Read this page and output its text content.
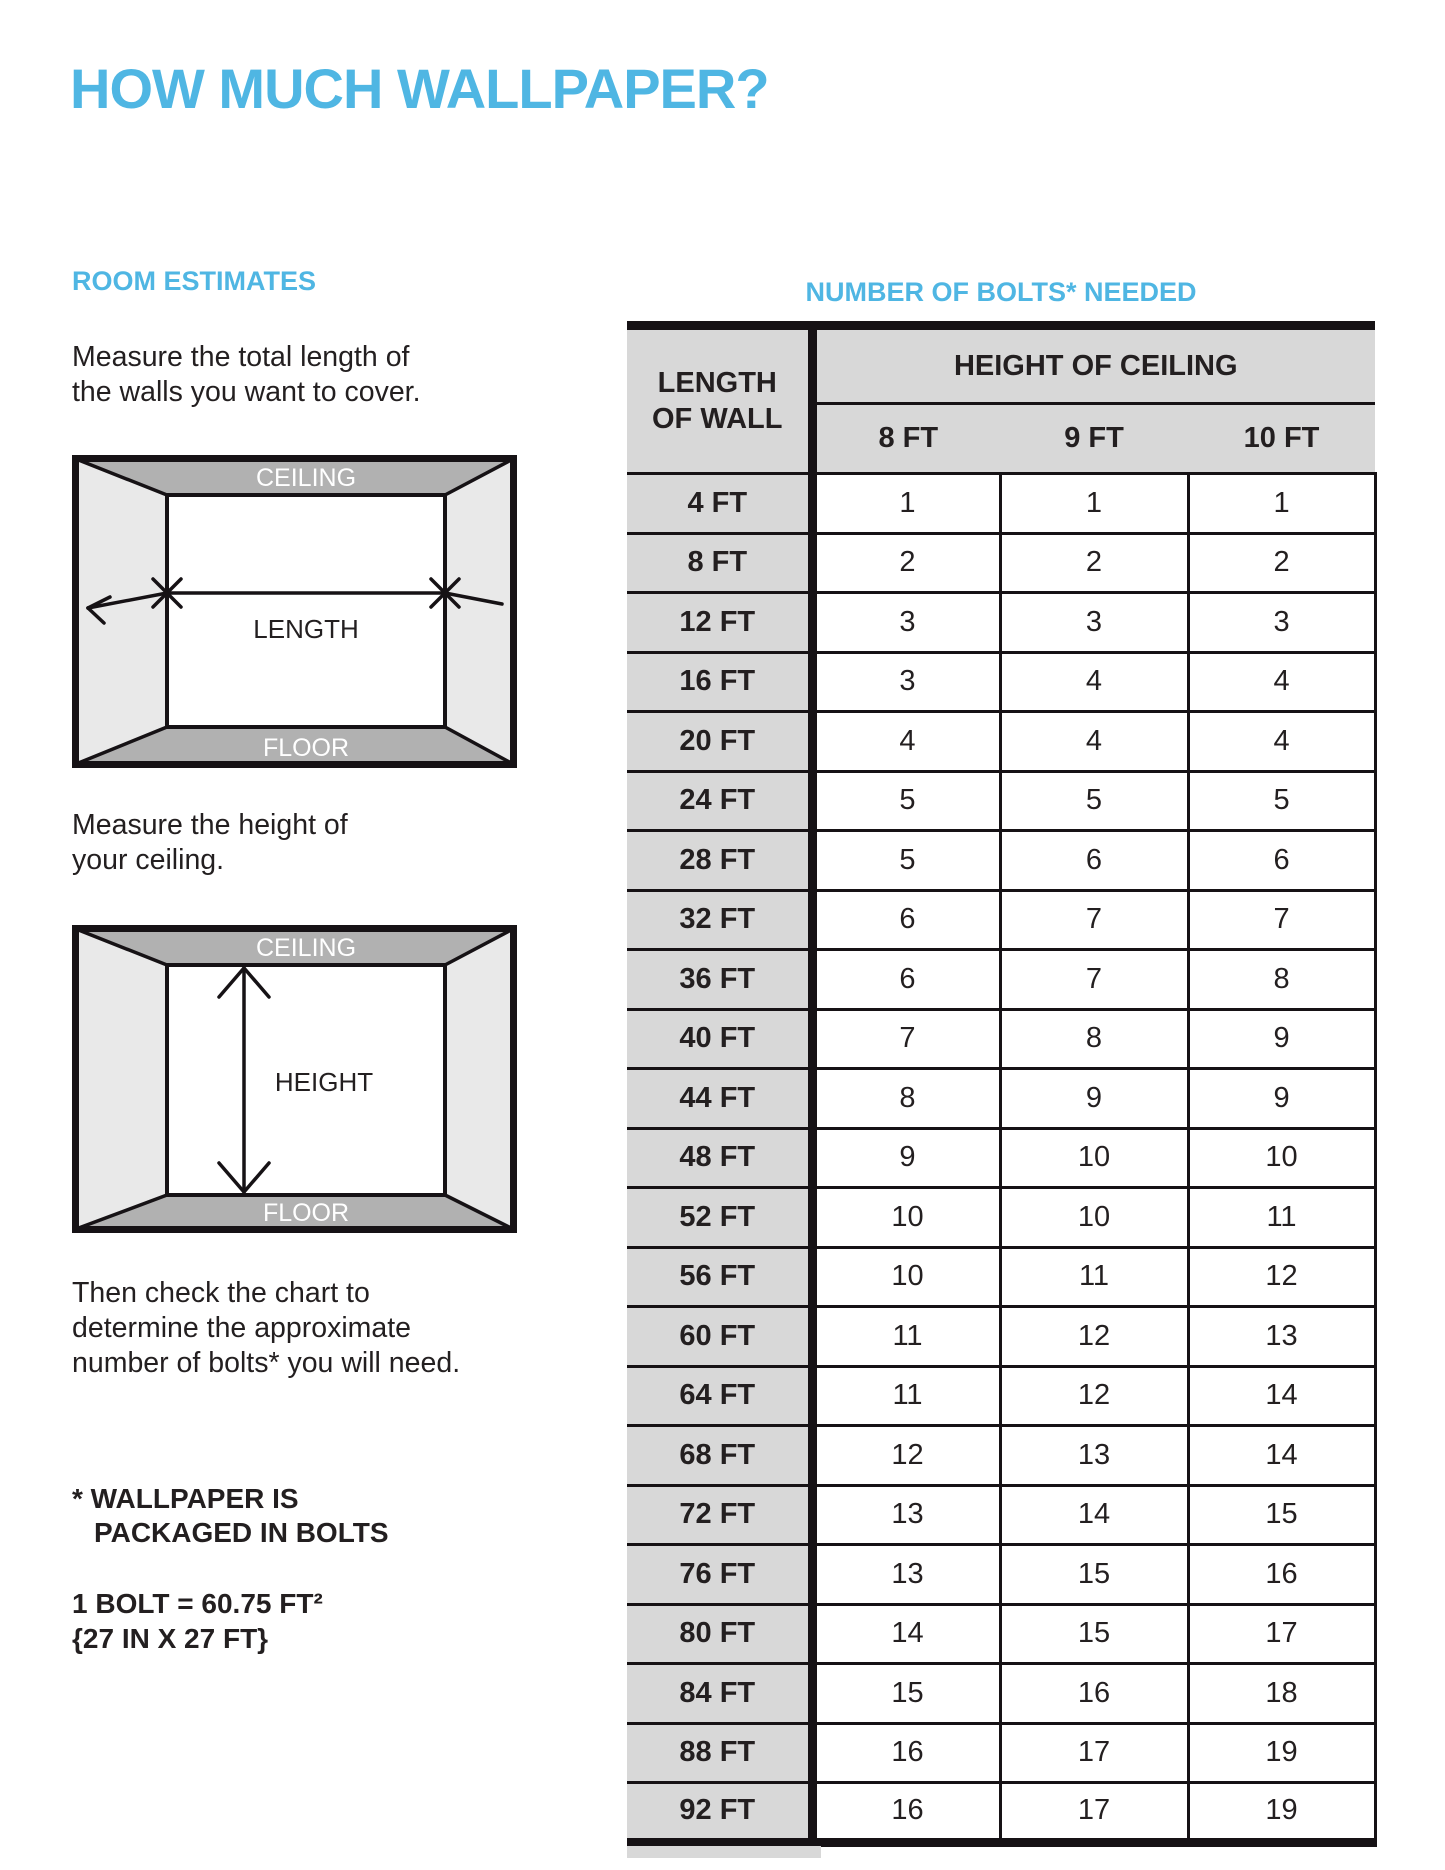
HOW MUCH WALLPAPER?
ROOM ESTIMATES
Measure the total length of
the walls you want to cover.
CEILING
LENGTH
FLOOR
Measure the height of
your ceiling.
CEILING
HEIGHT
FLOOR
Then check the chart to
determine the approximate
number of bolts* you will need.
* WALLPAPER IS
PACKAGED IN BOLTS
1 BOLT = 60.75 FT²
{27 IN X 27 FT}
NUMBER OF BOLTS* NEEDED
LENGTH
OF WALL	HEIGHT OF CEILING		
	8 FT	9 FT	10 FT
4 FT	1	1	1
8 FT	2	2	2
12 FT	3	3	3
16 FT	3	4	4
20 FT	4	4	4
24 FT	5	5	5
28 FT	5	6	6
32 FT	6	7	7
36 FT	6	7	8
40 FT	7	8	9
44 FT	8	9	9
48 FT	9	10	10
52 FT	10	10	11
56 FT	10	11	12
60 FT	11	12	13
64 FT	11	12	14
68 FT	12	13	14
72 FT	13	14	15
76 FT	13	15	16
80 FT	14	15	17
84 FT	15	16	18
88 FT	16	17	19
92 FT	16	17	19
